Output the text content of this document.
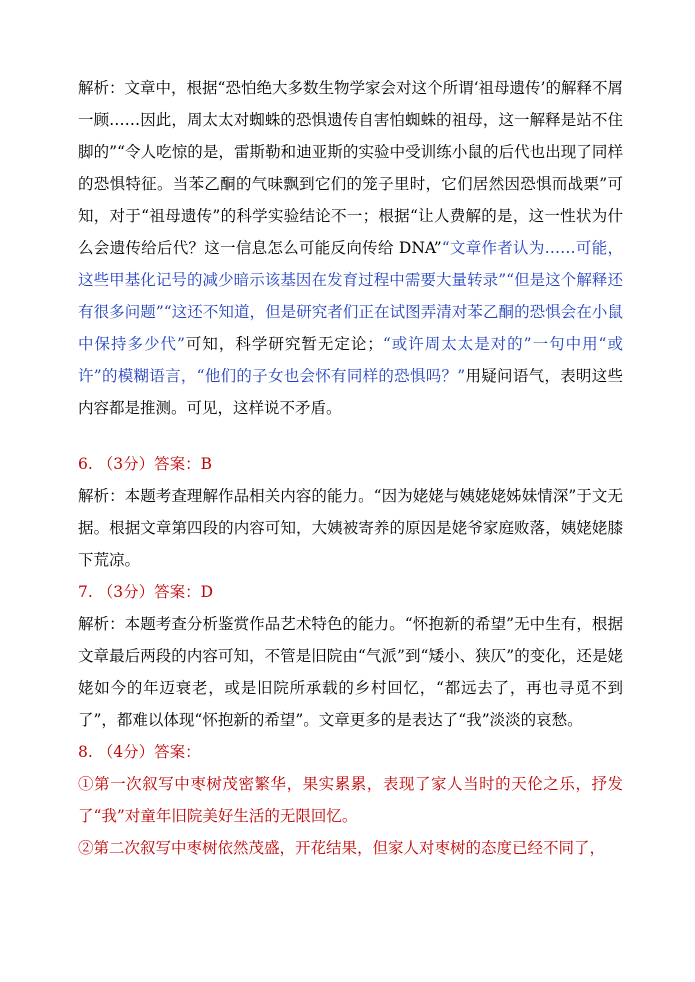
解析：文章中，根据“恐怕绝大多数生物学家会对这个所谓‘祖母遗传’的解释不屑一顾……因此，周太太对蜘蛛的恐惧遗传自害怕蜘蛛的祖母，这一解释是站不住脚的”“令人吃惊的是，雷斯勒和迪亚斯的实验中受训练小鼠的后代也出现了同样的恐惧特征。当苯乙酮的气味飘到它们的笼子里时，它们居然因恐惧而战栗”可知，对于“祖母遗传”的科学实验结论不一；根据“让人费解的是，这一性状为什么会遗传给后代？这一信息怎么可能反向传给 DNA”“文章作者认为……可能，这些甲基化记号的减少暗示该基因在发育过程中需要大量转录”“但是这个解释还有很多问题”“这还不知道，但是研究者们正在试图弄清对苯乙酮的恐惧会在小鼠中保持多少代”可知，科学研究暂无定论；“或许周太太是对的”一句中用“或许”的模糊语言，“他们的子女也会怀有同样的恐惧吗？”用疑问语气，表明这些内容都是推测。可见，这样说不矛盾。

6. （3分）答案：B

解析：本题考查理解作品相关内容的能力。“因为姥姥与姨姥姥姊妹情深”于文无据。根据文章第四段的内容可知，大姨被寄养的原因是姥爷家庭败落，姨姥姥膝下荒凉。

7. （3分）答案：D

解析：本题考查分析鉴赏作品艺术特色的能力。“怀抱新的希望”无中生有，根据文章最后两段的内容可知，不管是旧院由“气派”到“矮小、狭仄”的变化，还是姥姥如今的年迈衰老，或是旧院所承载的乡村回忆，“都远去了，再也寻觅不到了”，都难以体现“怀抱新的希望”。文章更多的是表达了“我”淡淡的哀愁。

8. （4分）答案：

①第一次叙写中枣树茂密繁华，果实累累，表现了家人当时的天伦之乐，抒发了“我”对童年旧院美好生活的无限回忆。

②第二次叙写中枣树依然茂盛，开花结果，但家人对枣树的态度已经不同了，
